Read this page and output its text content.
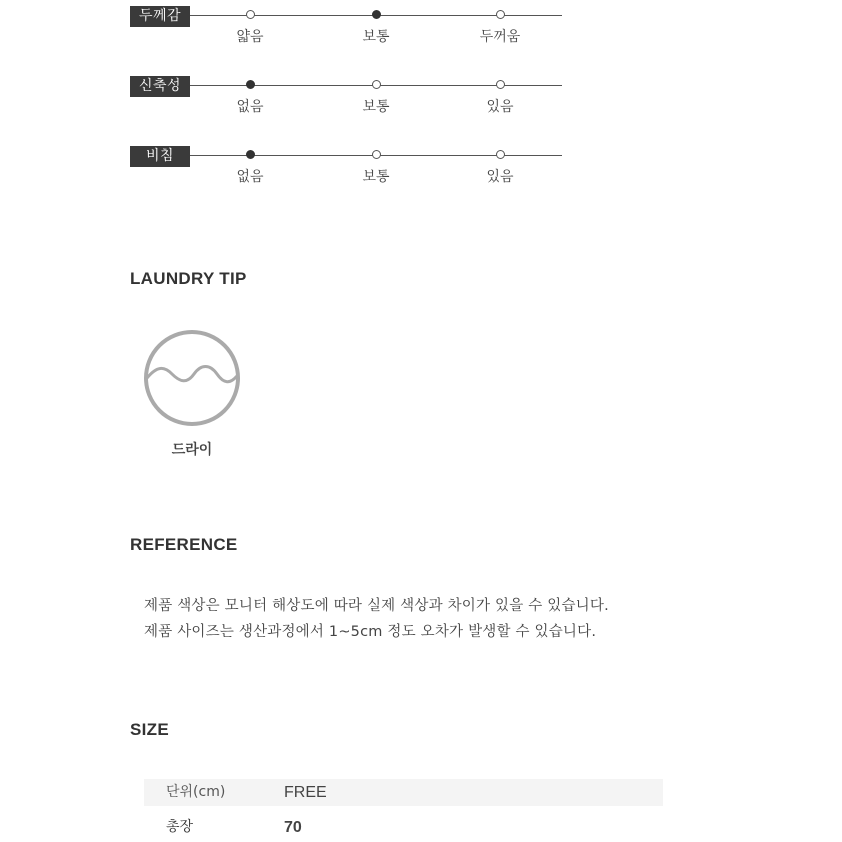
두께감
얇음	보통	두꺼움
신축성
없음	보통	있음
비침
없음	보통	있음
LAUNDRY TIP
드라이
REFERENCE
제품 색상은 모니터 해상도에 따라 실제 색상과 차이가 있을 수 있습니다.
제품 사이즈는 생산과정에서 1~5cm 정도 오차가 발생할 수 있습니다.
SIZE
단위(cm)	FREE
총장	70
